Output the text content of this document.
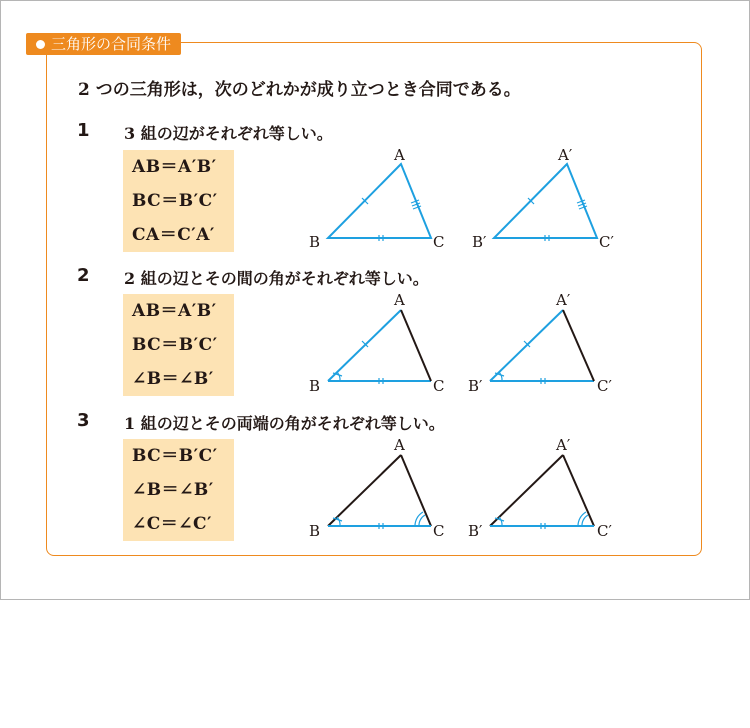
三角形の合同条件
2 つの三角形は，次のどれかが成り立つとき合同である。
1 3 組の辺がそれぞれ等しい。
AB＝A′B′
BC＝B′C′
CA＝C′A′
2 2 組の辺とその間の角がそれぞれ等しい。
AB＝A′B′
BC＝B′C′
∠B＝∠B′
3 1 組の辺とその両端の角がそれぞれ等しい。
BC＝B′C′
∠B＝∠B′
∠C＝∠C′
A
B	C
A′
B′	C′
A
B	C
A′
B′	C′
A
B	C
A′
B′	C′
